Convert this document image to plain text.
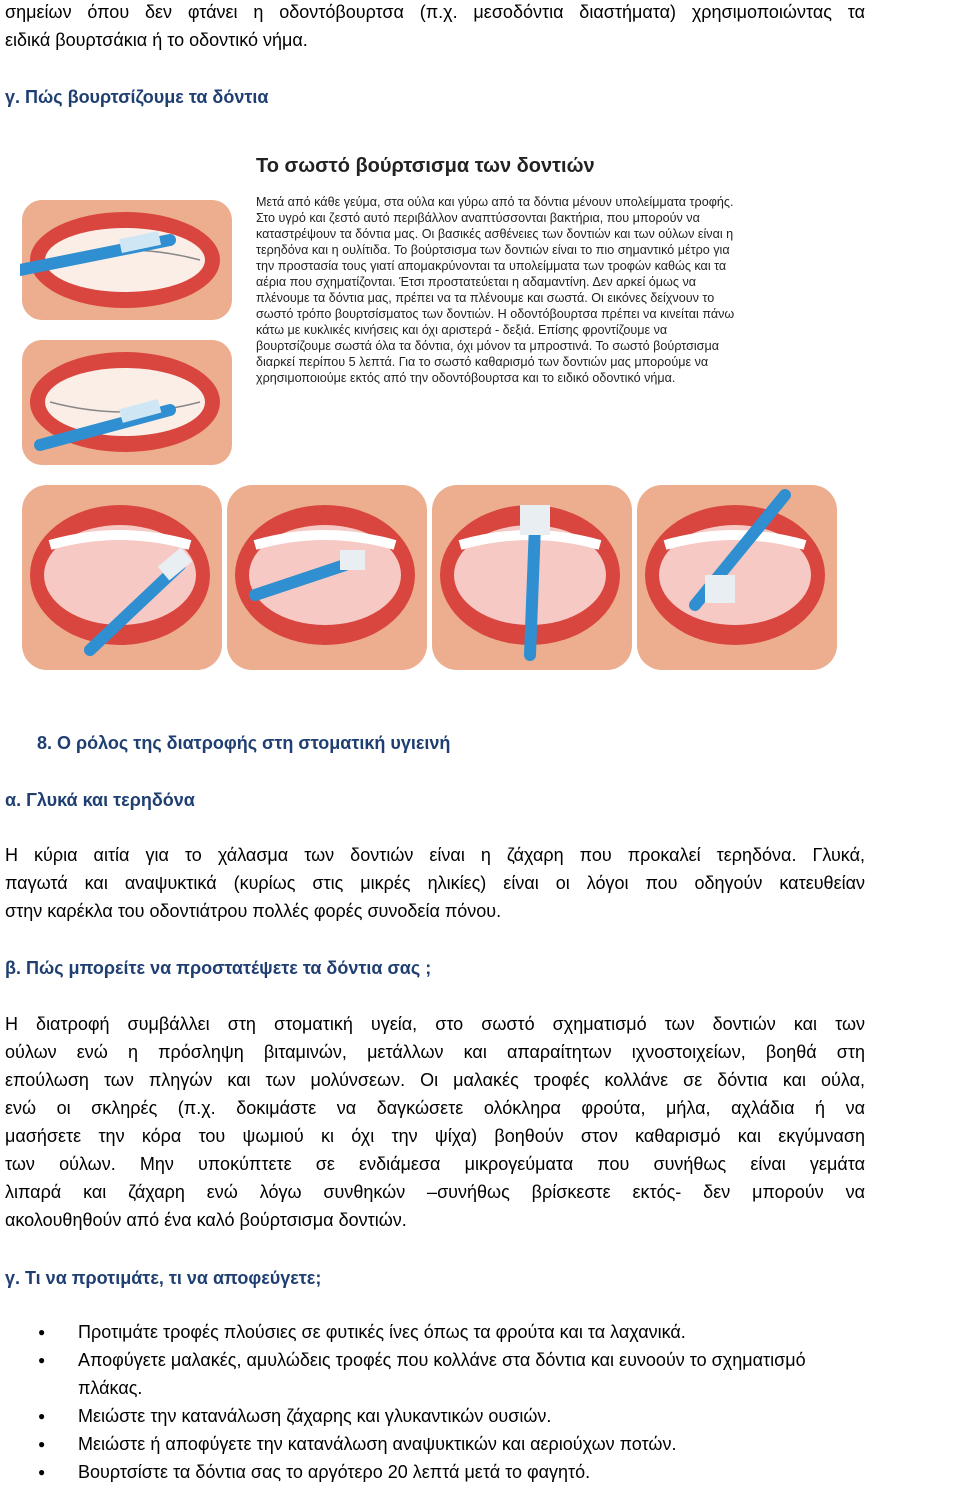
σημείων όπου δεν φτάνει η οδοντόβουρτσα (π.χ. μεσοδόντια διαστήματα) χρησιμοποιώντας τα
ειδικά βουρτσάκια ή το οδοντικό νήμα.
γ. Πώς βουρτσίζουμε τα δόντια
Το σωστό βούρτσισμα των δοντιών
Μετά από κάθε γεύμα, στα ούλα και γύρω από τα δόντια μένουν υπολείμματα τροφής.
Στο υγρό και ζεστό αυτό περιβάλλον αναπτύσσονται βακτήρια, που μπορούν να
καταστρέψουν τα δόντια μας. Οι βασικές ασθένειες των δοντιών και των ούλων είναι η
τερηδόνα και η ουλίτιδα. Το βούρτσισμα των δοντιών είναι το πιο σημαντικό μέτρο για
την προστασία τους γιατί απομακρύνονται τα υπολείμματα των τροφών καθώς και τα
αέρια που σχηματίζονται. Έτσι προστατεύεται η αδαμαντίνη. Δεν αρκεί όμως να
πλένουμε τα δόντια μας, πρέπει να τα πλένουμε και σωστά. Οι εικόνες δείχνουν το
σωστό τρόπο βουρτσίσματος των δοντιών. Η οδοντόβουρτσα πρέπει να κινείται πάνω
κάτω με κυκλικές κινήσεις και όχι αριστερά - δεξιά. Επίσης φροντίζουμε να
βουρτσίζουμε σωστά όλα τα δόντια, όχι μόνον τα μπροστινά. Το σωστό βούρτσισμα
διαρκεί περίπου 5 λεπτά. Για το σωστό καθαρισμό των δοντιών μας μπορούμε να
χρησιμοποιούμε εκτός από την οδοντόβουρτσα και το ειδικό οδοντικό νήμα.
8. Ο ρόλος της διατροφής στη στοματική υγιεινή
α. Γλυκά και τερηδόνα
Η κύρια αιτία για το χάλασμα των δοντιών είναι η ζάχαρη που προκαλεί τερηδόνα. Γλυκά,
παγωτά και αναψυκτικά (κυρίως στις μικρές ηλικίες) είναι οι λόγοι που οδηγούν κατευθείαν
στην καρέκλα του οδοντιάτρου πολλές φορές συνοδεία πόνου.
β. Πώς μπορείτε να προστατέψετε τα δόντια σας ;
Η διατροφή συμβάλλει στη στοματική υγεία, στο σωστό σχηματισμό των δοντιών και των
ούλων ενώ η πρόσληψη βιταμινών, μετάλλων και απαραίτητων ιχνοστοιχείων, βοηθά στη
επούλωση των πληγών και των μολύνσεων. Οι μαλακές τροφές κολλάνε σε δόντια και ούλα,
ενώ οι σκληρές (π.χ. δοκιμάστε να δαγκώσετε ολόκληρα φρούτα, μήλα, αχλάδια ή να
μασήσετε την κόρα του ψωμιού κι όχι την ψίχα) βοηθούν στον καθαρισμό και εκγύμναση
των ούλων. Μην υποκύπτετε σε ενδιάμεσα μικρογεύματα που συνήθως είναι γεμάτα
λιπαρά και ζάχαρη ενώ λόγω συνθηκών –συνήθως βρίσκεστε εκτός- δεν μπορούν να
ακολουθηθούν από ένα καλό βούρτσισμα δοντιών.
γ. Τι να προτιμάτε, τι να αποφεύγετε;
● Προτιμάτε τροφές πλούσιες σε φυτικές ίνες όπως τα φρούτα και τα λαχανικά.
● Αποφύγετε μαλακές, αμυλώδεις τροφές που κολλάνε στα δόντια και ευνοούν το σχηματισμό πλάκας.
● Μειώστε την κατανάλωση ζάχαρης και γλυκαντικών ουσιών.
● Μειώστε ή αποφύγετε την κατανάλωση αναψυκτικών και αεριούχων ποτών.
● Βουρτσίστε τα δόντια σας το αργότερο 20 λεπτά μετά το φαγητό.
